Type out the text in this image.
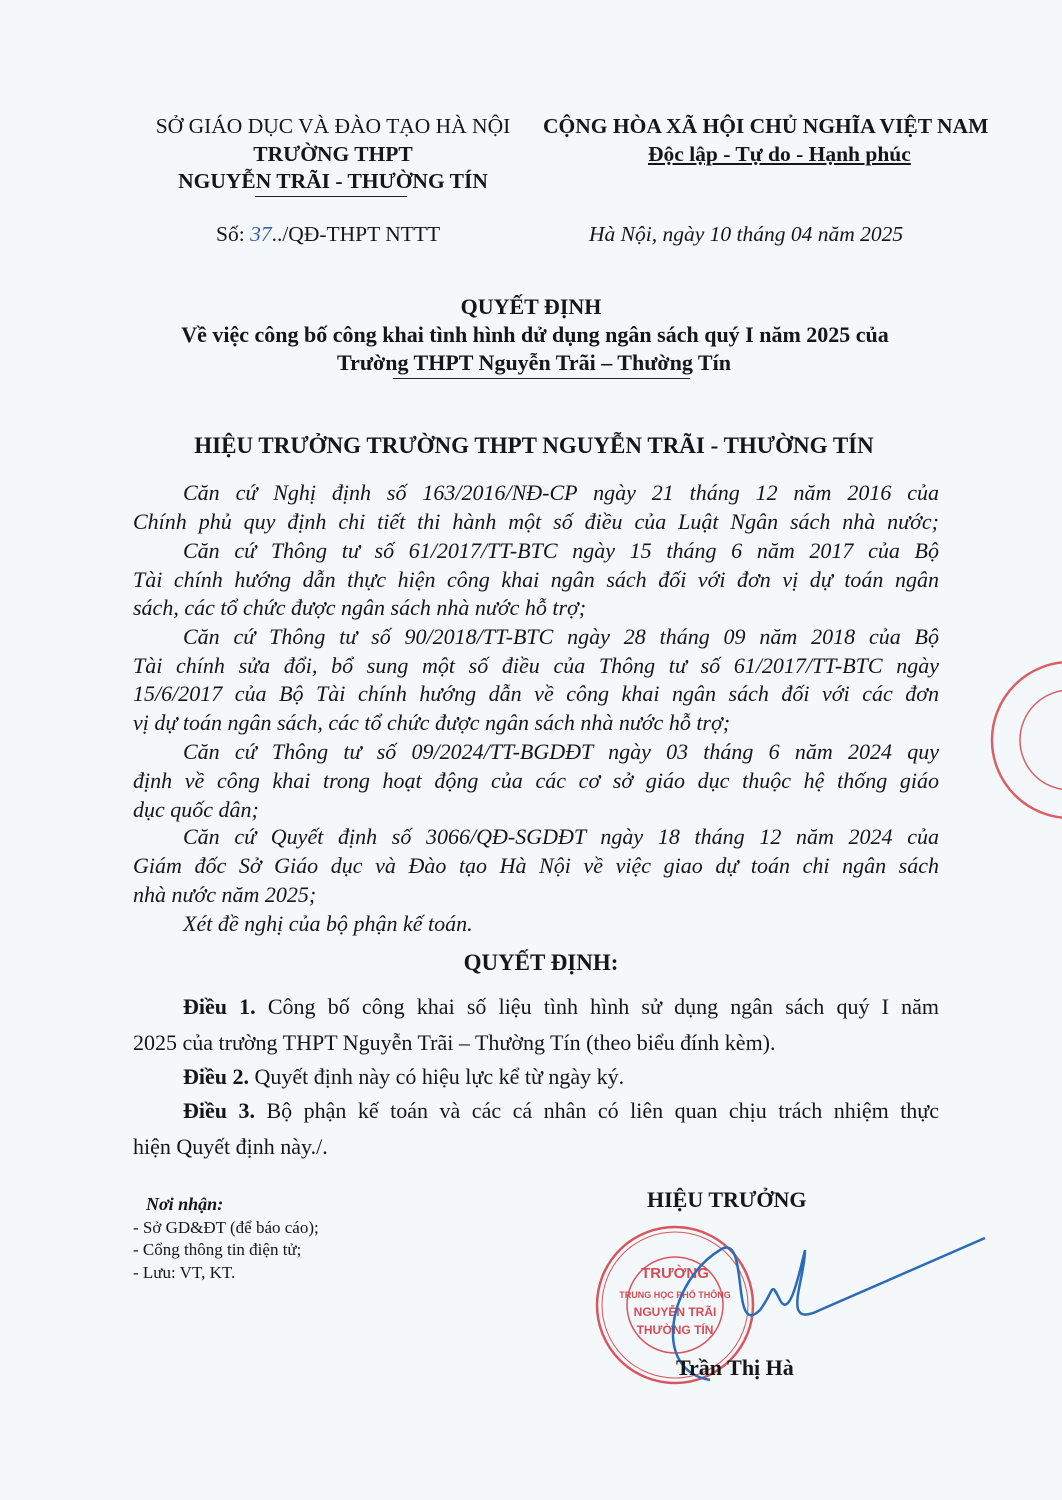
SỞ GIÁO DỤC VÀ ĐÀO TẠO HÀ NỘI
TRƯỜNG THPT
NGUYỄN TRÃI - THƯỜNG TÍN
CỘNG HÒA XÃ HỘI CHỦ NGHĨA VIỆT NAM
Độc lập - Tự do - Hạnh phúc
Số: 37../QĐ-THPT NTTT	Hà Nội, ngày 10 tháng 04 năm 2025
QUYẾT ĐỊNH
Về việc công bố công khai tình hình dử dụng ngân sách quý I năm 2025 của
Trường THPT Nguyễn Trãi – Thường Tín
HIỆU TRƯỞNG TRƯỜNG THPT NGUYỄN TRÃI - THƯỜNG TÍN
Căn cứ Nghị định số 163/2016/NĐ-CP ngày 21 tháng 12 năm 2016 của
Chính phủ quy định chi tiết thi hành một số điều của Luật Ngân sách nhà nước;
Căn cứ Thông tư số 61/2017/TT-BTC ngày 15 tháng 6 năm 2017 của Bộ
Tài chính hướng dẫn thực hiện công khai ngân sách đối với đơn vị dự toán ngân
sách, các tổ chức được ngân sách nhà nước hỗ trợ;
Căn cứ Thông tư số 90/2018/TT-BTC ngày 28 tháng 09 năm 2018 của Bộ
Tài chính sửa đổi, bổ sung một số điều của Thông tư số 61/2017/TT-BTC ngày
15/6/2017 của Bộ Tài chính hướng dẫn về công khai ngân sách đối với các đơn
vị dự toán ngân sách, các tổ chức được ngân sách nhà nước hỗ trợ;
Căn cứ Thông tư số 09/2024/TT-BGDĐT ngày 03 tháng 6 năm 2024 quy
định về công khai trong hoạt động của các cơ sở giáo dục thuộc hệ thống giáo
dục quốc dân;
Căn cứ Quyết định số 3066/QĐ-SGDĐT ngày 18 tháng 12 năm 2024 của
Giám đốc Sở Giáo dục và Đào tạo Hà Nội về việc giao dự toán chi ngân sách
nhà nước năm 2025;
Xét đề nghị của bộ phận kế toán.
QUYẾT ĐỊNH:
Điều 1. Công bố công khai số liệu tình hình sử dụng ngân sách quý I năm
2025 của trường THPT Nguyễn Trãi – Thường Tín (theo biểu đính kèm).
Điều 2. Quyết định này có hiệu lực kể từ ngày ký.
Điều 3. Bộ phận kế toán và các cá nhân có liên quan chịu trách nhiệm thực
hiện Quyết định này./.
Nơi nhận:
- Sở GD&ĐT (để báo cáo);
- Cổng thông tin điện tử;
- Lưu: VT, KT.
HIỆU TRƯỞNG
TRƯỜNG
TRUNG HỌC PHỔ THÔNG
NGUYỄN TRÃI
THƯỜNG TÍN
Trần Thị Hà
